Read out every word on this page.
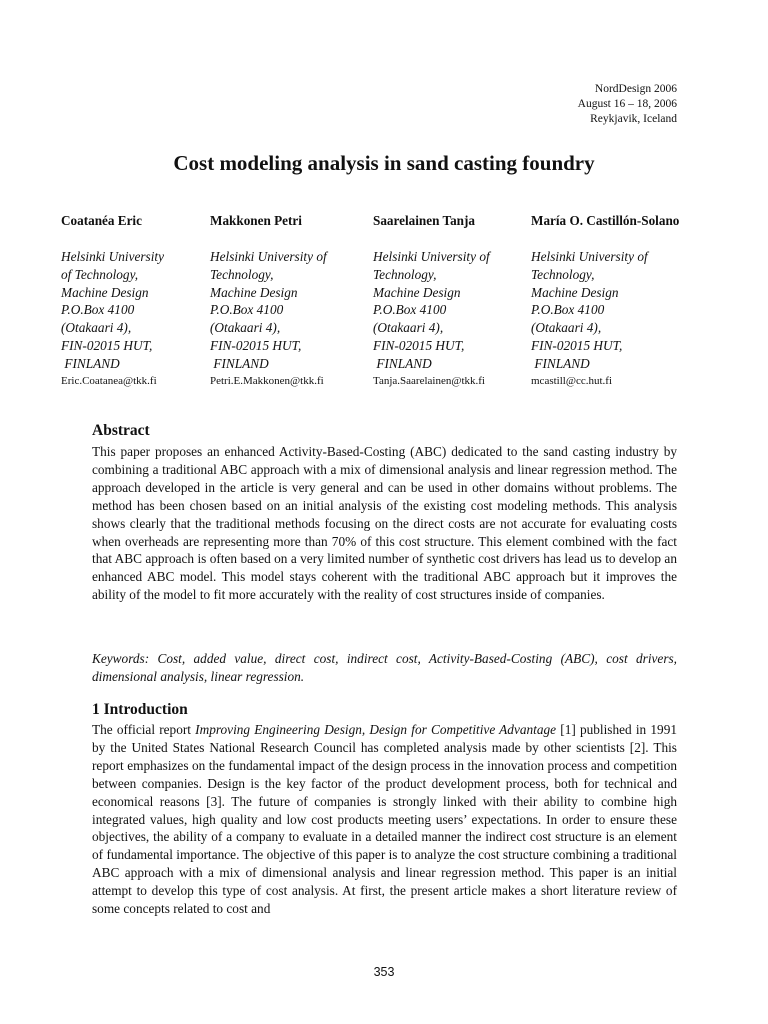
NordDesign 2006
August 16 – 18, 2006
Reykjavik, Iceland
Cost modeling analysis in sand casting foundry
Coatanéa Eric
Helsinki University
of Technology,
Machine Design
P.O.Box 4100
(Otakaari 4),
FIN-02015 HUT,
FINLAND
Eric.Coatanea@tkk.fi
Makkonen Petri
Helsinki University of
Technology,
Machine Design
P.O.Box 4100
(Otakaari 4),
FIN-02015 HUT,
FINLAND
Petri.E.Makkonen@tkk.fi
Saarelainen Tanja
Helsinki University of
Technology,
Machine Design
P.O.Box 4100
(Otakaari 4),
FIN-02015 HUT,
FINLAND
Tanja.Saarelainen@tkk.fi
María O. Castillón-Solano
Helsinki University of
Technology,
Machine Design
P.O.Box 4100
(Otakaari 4),
FIN-02015 HUT,
FINLAND
mcastill@cc.hut.fi
Abstract

This paper proposes an enhanced Activity-Based-Costing (ABC) dedicated to the sand casting industry by combining a traditional ABC approach with a mix of dimensional analysis and linear regression method. The approach developed in the article is very general and can be used in other domains without problems. The method has been chosen based on an initial analysis of the existing cost modeling methods. This analysis shows clearly that the traditional methods focusing on the direct costs are not accurate for evaluating costs when overheads are representing more than 70% of this cost structure. This element combined with the fact that ABC approach is often based on a very limited number of synthetic cost drivers has lead us to develop an enhanced ABC model. This model stays coherent with the traditional ABC approach but it improves the ability of the model to fit more accurately with the reality of cost structures inside of companies.

Keywords: Cost, added value, direct cost, indirect cost, Activity-Based-Costing (ABC), cost drivers, dimensional analysis, linear regression.

1 Introduction

The official report Improving Engineering Design, Design for Competitive Advantage [1] published in 1991 by the United States National Research Council has completed analysis made by other scientists [2]. This report emphasizes on the fundamental impact of the design process in the innovation process and competition between companies. Design is the key factor of the product development process, both for technical and economical reasons [3]. The future of companies is strongly linked with their ability to combine high integrated values, high quality and low cost products meeting users’ expectations. In order to ensure these objectives, the ability of a company to evaluate in a detailed manner the indirect cost structure is an element of fundamental importance. The objective of this paper is to analyze the cost structure combining a traditional ABC approach with a mix of dimensional analysis and linear regression method. This paper is an initial attempt to develop this type of cost analysis. At first, the present article makes a short literature review of some concepts related to cost and

353
